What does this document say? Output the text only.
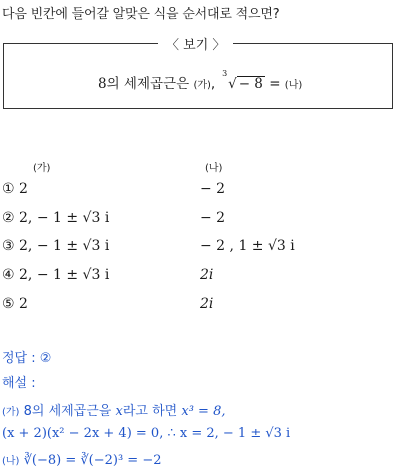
다음 빈칸에 들어갈 알맞은 식을 순서대로 적으면?
〈 보기 〉
8의 세제곱근은 (가),
3
√ − 8 = (나)
(가)	(나)
① 2	− 2
② 2, − 1 ± √3 i	− 2
③ 2, − 1 ± √3 i	− 2 , 1 ± √3 i
④ 2, − 1 ± √3 i	2i
⑤ 2	2i
정답 : ②
해설 :
(가) 8의 세제곱근을 x라고 하면 x³ = 8,
(x + 2)(x² − 2x + 4) = 0, ∴ x = 2, − 1 ± √3 i
(나) ∛(−8) = ∛(−2)³ = −2
